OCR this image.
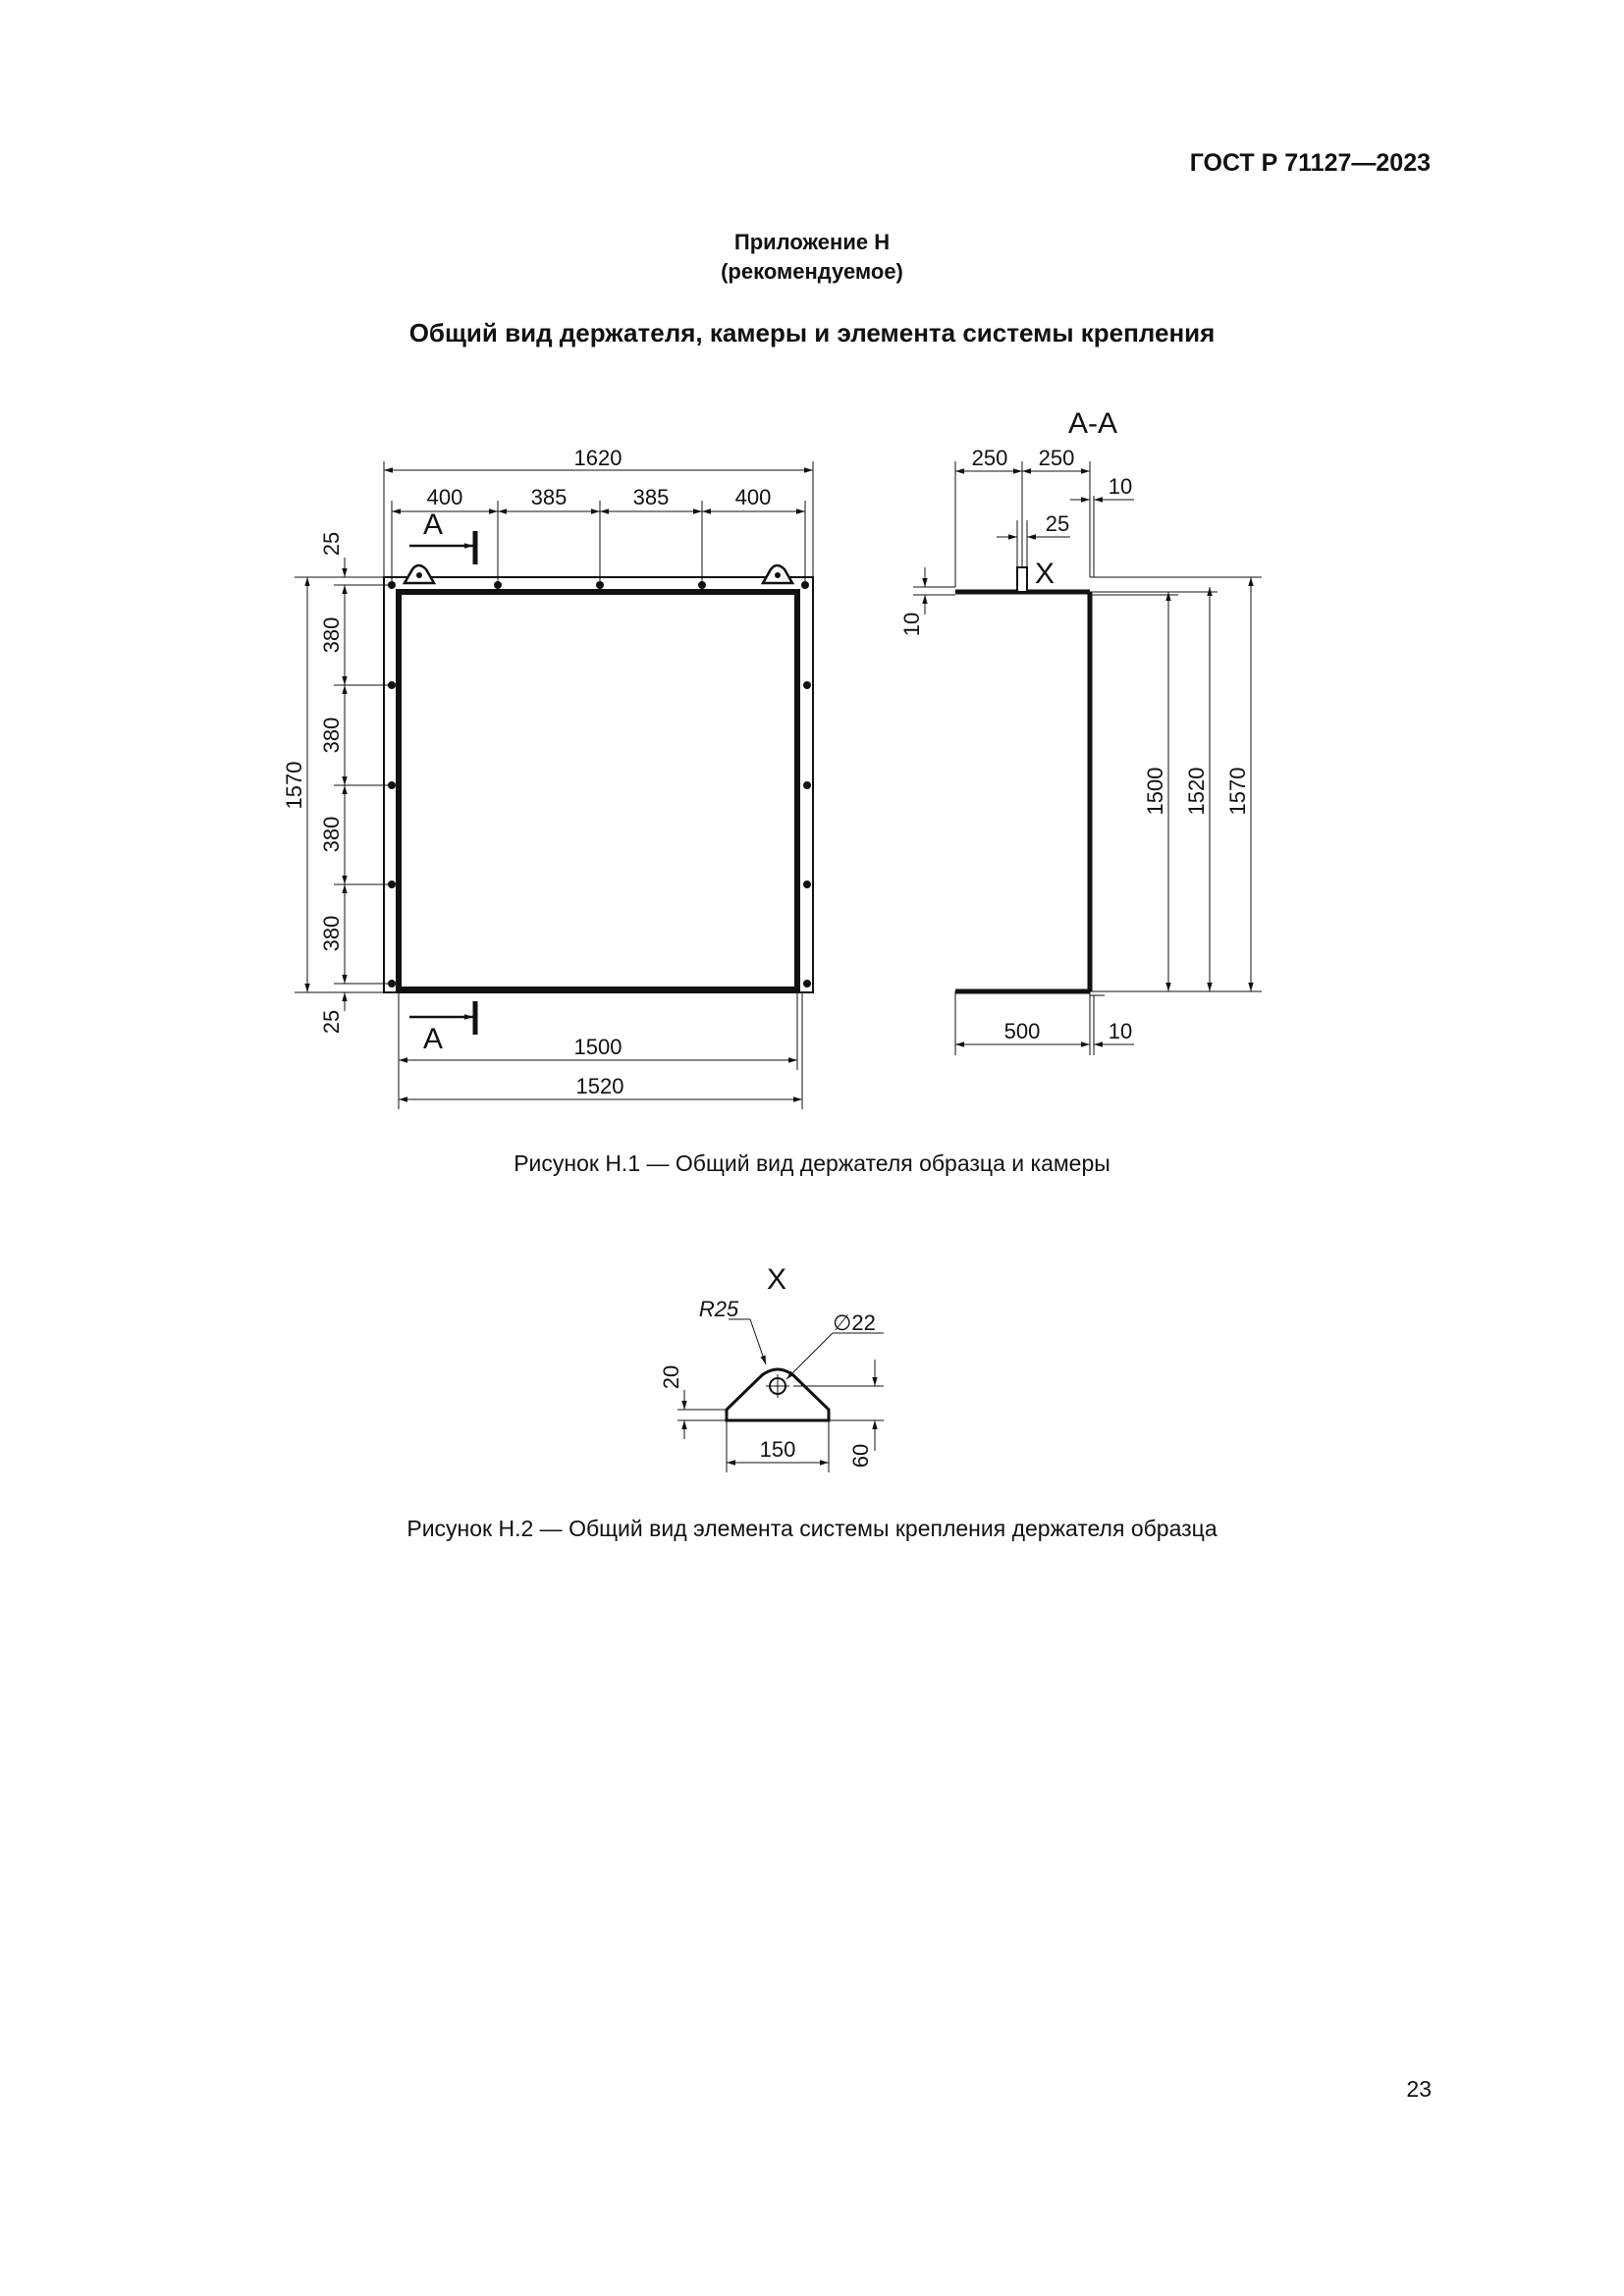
ГОСТ Р 71127—2023
Приложение Н
(рекомендуемое)
Общий вид держателя, камеры и элемента системы крепления
1620
400	385	385	400
А
А
1570
25
380
380
380
380
25
1500
1520
А-А
250 250
10
25
X
10
1500 1520 1570
500	10
X
R25
∅22
20
60
150
Рисунок Н.1 — Общий вид держателя образца и камеры
Рисунок Н.2 — Общий вид элемента системы крепления держателя образца
23
